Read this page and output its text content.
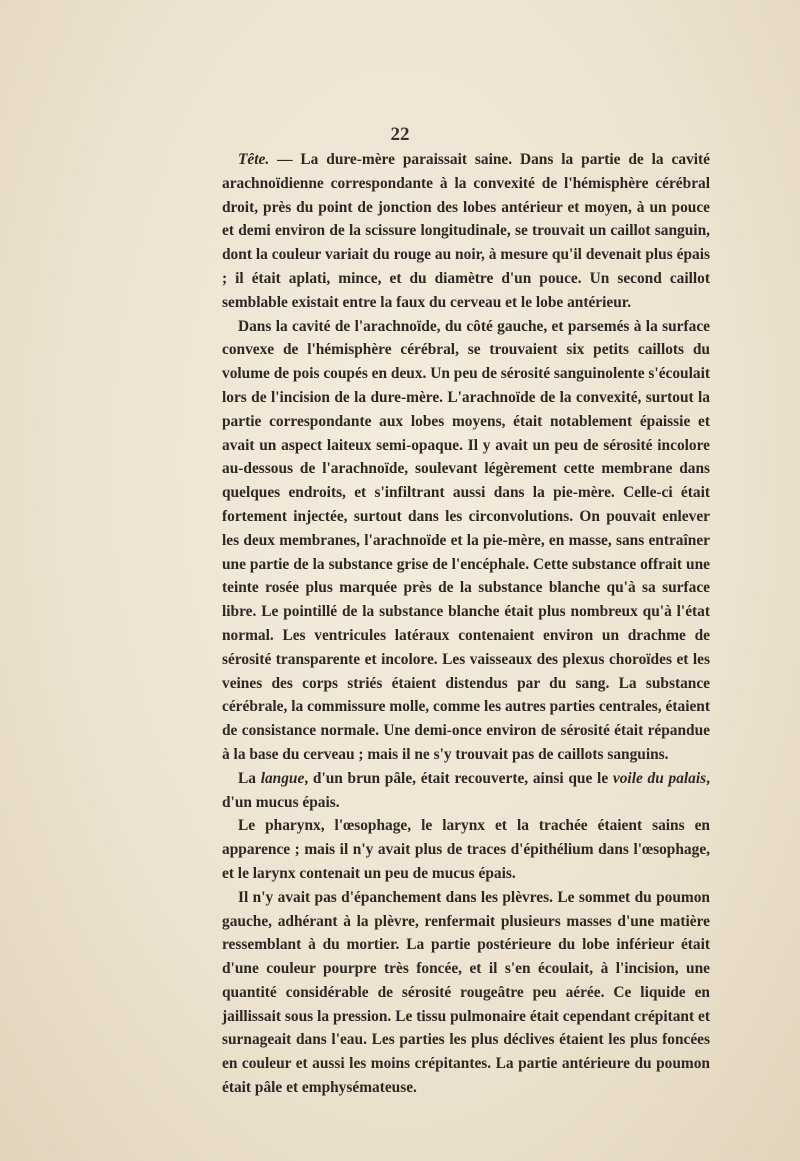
22

Tête. — La dure-mère paraissait saine. Dans la partie de la cavité arachnoïdienne correspondante à la convexité de l'hémisphère cérébral droit, près du point de jonction des lobes antérieur et moyen, à un pouce et demi environ de la scissure longitudinale, se trouvait un caillot sanguin, dont la couleur variait du rouge au noir, à mesure qu'il devenait plus épais ; il était aplati, mince, et du diamètre d'un pouce. Un second caillot semblable existait entre la faux du cerveau et le lobe antérieur.

Dans la cavité de l'arachnoïde, du côté gauche, et parsemés à la surface convexe de l'hémisphère cérébral, se trouvaient six petits caillots du volume de pois coupés en deux. Un peu de sérosité sanguinolente s'écoulait lors de l'incision de la dure-mère. L'arachnoïde de la convexité, surtout la partie correspondante aux lobes moyens, était notablement épaissie et avait un aspect laiteux semi-opaque. Il y avait un peu de sérosité incolore au-dessous de l'arachnoïde, soulevant légèrement cette membrane dans quelques endroits, et s'infiltrant aussi dans la pie-mère. Celle-ci était fortement injectée, surtout dans les circonvolutions. On pouvait enlever les deux membranes, l'arachnoïde et la pie-mère, en masse, sans entraîner une partie de la substance grise de l'encéphale. Cette substance offrait une teinte rosée plus marquée près de la substance blanche qu'à sa surface libre. Le pointillé de la substance blanche était plus nombreux qu'à l'état normal. Les ventricules latéraux contenaient environ un drachme de sérosité transparente et incolore. Les vaisseaux des plexus choroïdes et les veines des corps striés étaient distendus par du sang. La substance cérébrale, la commissure molle, comme les autres parties centrales, étaient de consistance normale. Une demi-once environ de sérosité était répandue à la base du cerveau ; mais il ne s'y trouvait pas de caillots sanguins.

La langue, d'un brun pâle, était recouverte, ainsi que le voile du palais, d'un mucus épais.

Le pharynx, l'œsophage, le larynx et la trachée étaient sains en apparence ; mais il n'y avait plus de traces d'épithélium dans l'œsophage, et le larynx contenait un peu de mucus épais.

Il n'y avait pas d'épanchement dans les plèvres. Le sommet du poumon gauche, adhérant à la plèvre, renfermait plusieurs masses d'une matière ressemblant à du mortier. La partie postérieure du lobe inférieur était d'une couleur pourpre très foncée, et il s'en écoulait, à l'incision, une quantité considérable de sérosité rougeâtre peu aérée. Ce liquide en jaillissait sous la pression. Le tissu pulmonaire était cependant crépitant et surnageait dans l'eau. Les parties les plus déclives étaient les plus foncées en couleur et aussi les moins crépitantes. La partie antérieure du poumon était pâle et emphysémateuse.
